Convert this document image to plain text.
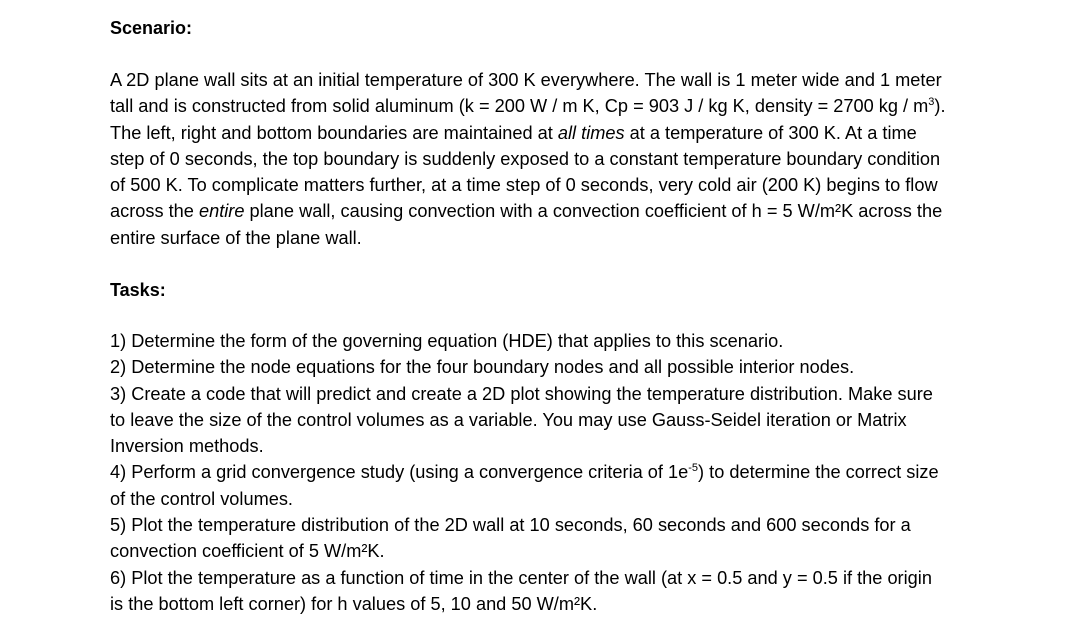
Scenario:
A 2D plane wall sits at an initial temperature of 300 K everywhere. The wall is 1 meter wide and 1 meter
tall and is constructed from solid aluminum (k = 200 W / m K, Cp = 903 J / kg K, density = 2700 kg / $m^3$).
The left, right and bottom boundaries are maintained at all times at a temperature of 300 K. At a time
step of 0 seconds, the top boundary is suddenly exposed to a constant temperature boundary condition
of 500 K. To complicate matters further, at a time step of 0 seconds, very cold air (200 K) begins to flow
across the entire plane wall, causing convection with a convection coefficient of h = 5 W/m²K across the
entire surface of the plane wall.
Tasks:
1) Determine the form of the governing equation (HDE) that applies to this scenario.
2) Determine the node equations for the four boundary nodes and all possible interior nodes.
3) Create a code that will predict and create a 2D plot showing the temperature distribution. Make sure
to leave the size of the control volumes as a variable. You may use Gauss-Seidel iteration or Matrix
Inversion methods.
4) Perform a grid convergence study (using a convergence criteria of $1e^{-5}$) to determine the correct size
of the control volumes.
5) Plot the temperature distribution of the 2D wall at 10 seconds, 60 seconds and 600 seconds for a
convection coefficient of 5 W/m²K.
6) Plot the temperature as a function of time in the center of the wall (at x = 0.5 and y = 0.5 if the origin
is the bottom left corner) for h values of 5, 10 and 50 W/m²K.
